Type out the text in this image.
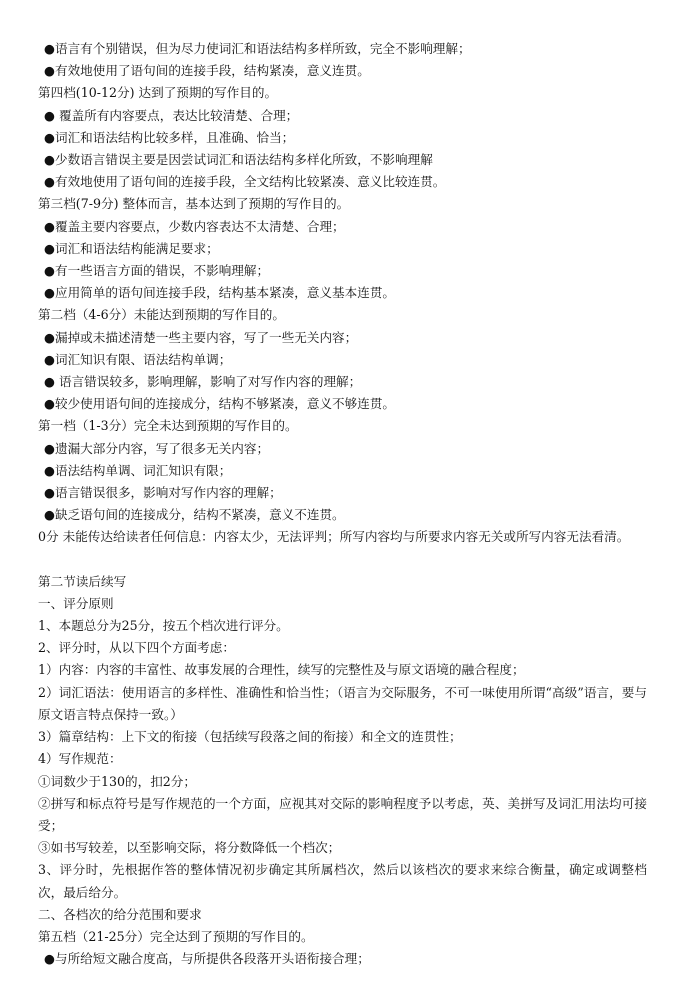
●语言有个别错误，但为尽力使词汇和语法结构多样所致，完全不影响理解；
●有效地使用了语句间的连接手段，结构紧凑，意义连贯。
第四档(10-12分) 达到了预期的写作目的。
● 覆盖所有内容要点，表达比较清楚、合理；
●词汇和语法结构比较多样，且准确、恰当；
●少数语言错误主要是因尝试词汇和语法结构多样化所致，不影响理解
●有效地使用了语句间的连接手段，全文结构比较紧凑、意义比较连贯。
第三档(7-9分) 整体而言，基本达到了预期的写作目的。
●覆盖主要内容要点，少数内容表达不太清楚、合理；
●词汇和语法结构能满足要求；
●有一些语言方面的错误，不影响理解；
●应用简单的语句间连接手段，结构基本紧凑，意义基本连贯。
第二档（4-6分）未能达到预期的写作目的。
●漏掉或未描述清楚一些主要内容，写了一些无关内容；
●词汇知识有限、语法结构单调；
● 语言错误较多，影响理解，影响了对写作内容的理解；
●较少使用语句间的连接成分，结构不够紧凑，意义不够连贯。
第一档（1-3分）完全未达到预期的写作目的。
●遗漏大部分内容，写了很多无关内容；
●语法结构单调、词汇知识有限；
●语言错误很多，影响对写作内容的理解；
●缺乏语句间的连接成分，结构不紧凑，意义不连贯。
0分 未能传达给读者任何信息：内容太少，无法评判；所写内容均与所要求内容无关或所写内容无法看清。
第二节读后续写
一、评分原则
1、本题总分为25分，按五个档次进行评分。
2、评分时，从以下四个方面考虑：
1）内容：内容的丰富性、故事发展的合理性，续写的完整性及与原文语境的融合程度；
2）词汇语法：使用语言的多样性、准确性和恰当性；（语言为交际服务，不可一味使用所谓“高级”语言，要与原文语言特点保持一致。）
3）篇章结构：上下文的衔接（包括续写段落之间的衔接）和全文的连贯性；
4）写作规范：
①词数少于130的，扣2分；
②拼写和标点符号是写作规范的一个方面，应视其对交际的影响程度予以考虑，英、美拼写及词汇用法均可接受；
③如书写较差，以至影响交际，将分数降低一个档次；
3、评分时，先根据作答的整体情况初步确定其所属档次，然后以该档次的要求来综合衡量，确定或调整档次，最后给分。
二、各档次的给分范围和要求
第五档（21-25分）完全达到了预期的写作目的。
●与所给短文融合度高，与所提供各段落开头语衔接合理；
